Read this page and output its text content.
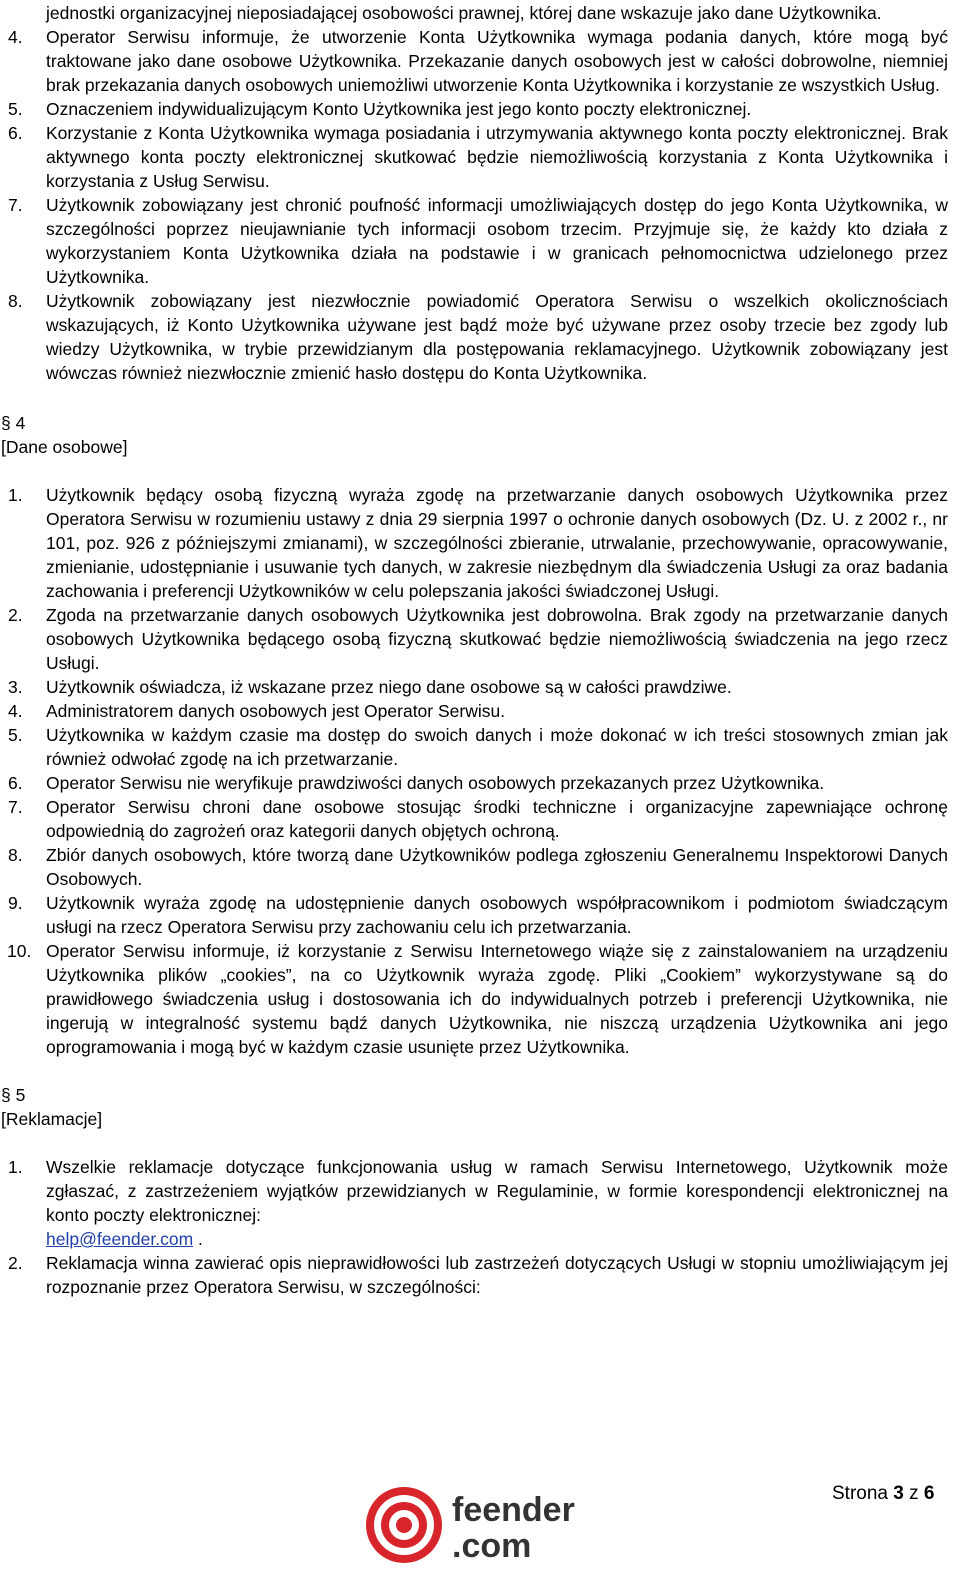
jednostki organizacyjnej nieposiadającej osobowości prawnej, której dane wskazuje jako dane Użytkownika.
4. Operator Serwisu informuje, że utworzenie Konta Użytkownika wymaga podania danych, które mogą być traktowane jako dane osobowe Użytkownika. Przekazanie danych osobowych jest w całości dobrowolne, niemniej brak przekazania danych osobowych uniemożliwi utworzenie Konta Użytkownika i korzystanie ze wszystkich Usług.
5. Oznaczeniem indywidualizującym Konto Użytkownika jest jego konto poczty elektronicznej.
6. Korzystanie z Konta Użytkownika wymaga posiadania i utrzymywania aktywnego konta poczty elektronicznej. Brak aktywnego konta poczty elektronicznej skutkować będzie niemożliwością korzystania z Konta Użytkownika i korzystania z Usług Serwisu.
7. Użytkownik zobowiązany jest chronić poufność informacji umożliwiających dostęp do jego Konta Użytkownika, w szczególności poprzez nieujawnianie tych informacji osobom trzecim. Przyjmuje się, że każdy kto działa z wykorzystaniem Konta Użytkownika działa na podstawie i w granicach pełnomocnictwa udzielonego przez Użytkownika.
8. Użytkownik zobowiązany jest niezwłocznie powiadomić Operatora Serwisu o wszelkich okolicznościach wskazujących, iż Konto Użytkownika używane jest bądź może być używane przez osoby trzecie bez zgody lub wiedzy Użytkownika, w trybie przewidzianym dla postępowania reklamacyjnego. Użytkownik zobowiązany jest wówczas również niezwłocznie zmienić hasło dostępu do Konta Użytkownika.
§ 4
[Dane osobowe]
1. Użytkownik będący osobą fizyczną wyraża zgodę na przetwarzanie danych osobowych Użytkownika przez Operatora Serwisu w rozumieniu ustawy z dnia 29 sierpnia 1997 o ochronie danych osobowych (Dz. U. z 2002 r., nr 101, poz. 926 z późniejszymi zmianami), w szczególności zbieranie, utrwalanie, przechowywanie, opracowywanie, zmienianie, udostępnianie i usuwanie tych danych, w zakresie niezbędnym dla świadczenia Usługi za oraz badania zachowania i preferencji Użytkowników w celu polepszania jakości świadczonej Usługi.
2. Zgoda na przetwarzanie danych osobowych Użytkownika jest dobrowolna. Brak zgody na przetwarzanie danych osobowych Użytkownika będącego osobą fizyczną skutkować będzie niemożliwością świadczenia na jego rzecz Usługi.
3. Użytkownik oświadcza, iż wskazane przez niego dane osobowe są w całości prawdziwe.
4. Administratorem danych osobowych jest Operator Serwisu.
5. Użytkownika w każdym czasie ma dostęp do swoich danych i może dokonać w ich treści stosownych zmian jak również odwołać zgodę na ich przetwarzanie.
6. Operator Serwisu nie weryfikuje prawdziwości danych osobowych przekazanych przez Użytkownika.
7. Operator Serwisu chroni dane osobowe stosując środki techniczne i organizacyjne zapewniające ochronę odpowiednią do zagrożeń oraz kategorii danych objętych ochroną.
8. Zbiór danych osobowych, które tworzą dane Użytkowników podlega zgłoszeniu Generalnemu Inspektorowi Danych Osobowych.
9. Użytkownik wyraża zgodę na udostępnienie danych osobowych współpracownikom i podmiotom świadczącym usługi na rzecz Operatora Serwisu przy zachowaniu celu ich przetwarzania.
10. Operator Serwisu informuje, iż korzystanie z Serwisu Internetowego wiąże się z zainstalowaniem na urządzeniu Użytkownika plików „cookies”, na co Użytkownik wyraża zgodę. Pliki „Cookiem” wykorzystywane są do prawidłowego świadczenia usług i dostosowania ich do indywidualnych potrzeb i preferencji Użytkownika, nie ingerują w integralność systemu bądź danych Użytkownika, nie niszczą urządzenia Użytkownika ani jego oprogramowania i mogą być w każdym czasie usunięte przez Użytkownika.
§ 5
[Reklamacje]
1. Wszelkie reklamacje dotyczące funkcjonowania usług w ramach Serwisu Internetowego, Użytkownik może zgłaszać, z zastrzeżeniem wyjątków przewidzianych w Regulaminie, w formie korespondencji elektronicznej na konto poczty elektronicznej:
help@feender.com .
2. Reklamacja winna zawierać opis nieprawidłowości lub zastrzeżeń dotyczących Usługi w stopniu umożliwiającym jej rozpoznanie przez Operatora Serwisu, w szczególności:
feender
.com
Strona 3 z 6
